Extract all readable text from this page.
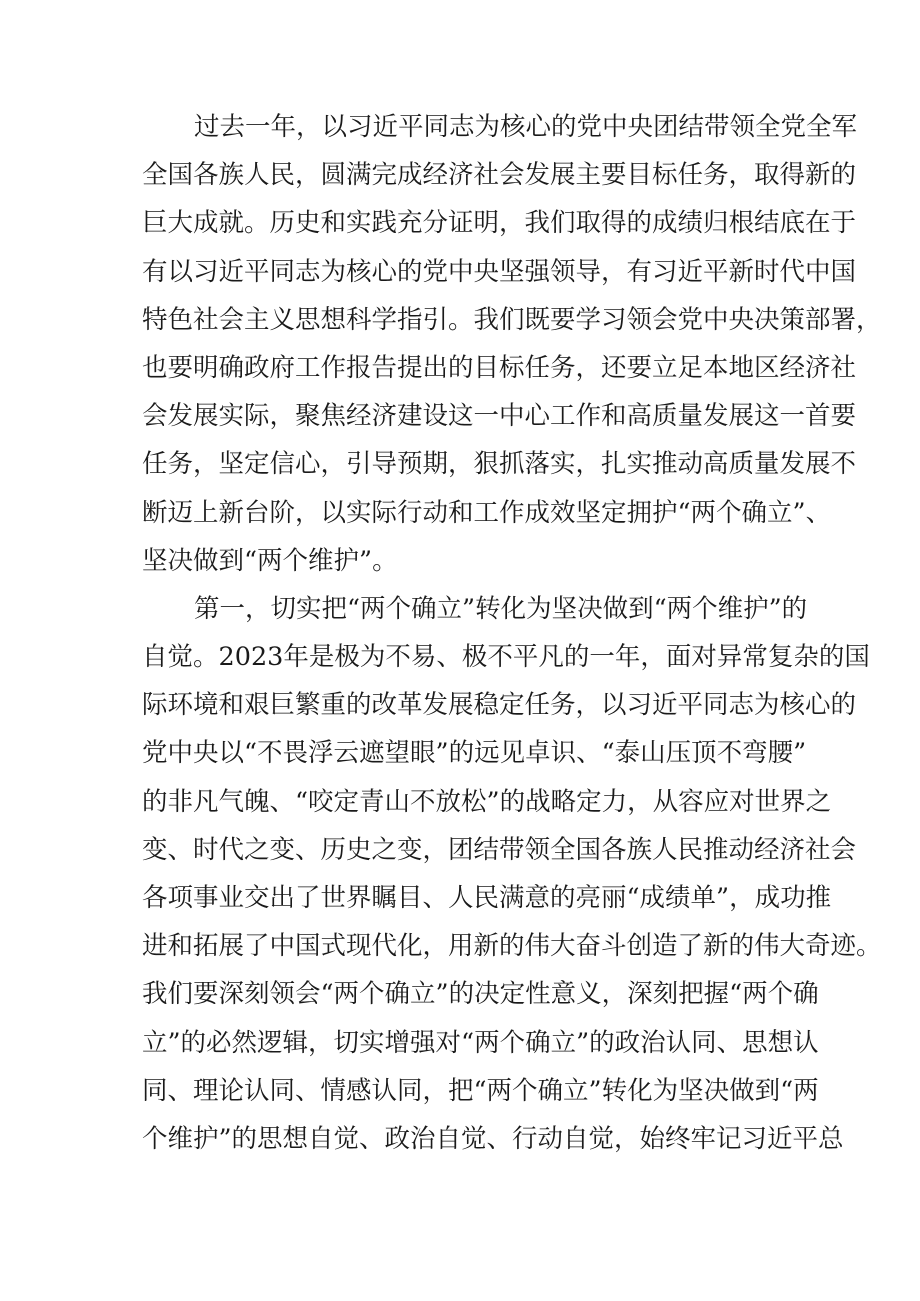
过去一年，以习近平同志为核心的党中央团结带领全党全军
全国各族人民，圆满完成经济社会发展主要目标任务，取得新的
巨大成就。历史和实践充分证明，我们取得的成绩归根结底在于
有以习近平同志为核心的党中央坚强领导，有习近平新时代中国
特色社会主义思想科学指引。我们既要学习领会党中央决策部署，
也要明确政府工作报告提出的目标任务，还要立足本地区经济社
会发展实际，聚焦经济建设这一中心工作和高质量发展这一首要
任务，坚定信心，引导预期，狠抓落实，扎实推动高质量发展不
断迈上新台阶，以实际行动和工作成效坚定拥护“两个确立”、
坚决做到“两个维护”。
第一，切实把“两个确立”转化为坚决做到“两个维护”的
自觉。2023年是极为不易、极不平凡的一年，面对异常复杂的国
际环境和艰巨繁重的改革发展稳定任务，以习近平同志为核心的
党中央以“不畏浮云遮望眼”的远见卓识、“泰山压顶不弯腰”
的非凡气魄、“咬定青山不放松”的战略定力，从容应对世界之
变、时代之变、历史之变，团结带领全国各族人民推动经济社会
各项事业交出了世界瞩目、人民满意的亮丽“成绩单”，成功推
进和拓展了中国式现代化，用新的伟大奋斗创造了新的伟大奇迹。
我们要深刻领会“两个确立”的决定性意义，深刻把握“两个确
立”的必然逻辑，切实增强对“两个确立”的政治认同、思想认
同、理论认同、情感认同，把“两个确立”转化为坚决做到“两
个维护”的思想自觉、政治自觉、行动自觉，始终牢记习近平总
